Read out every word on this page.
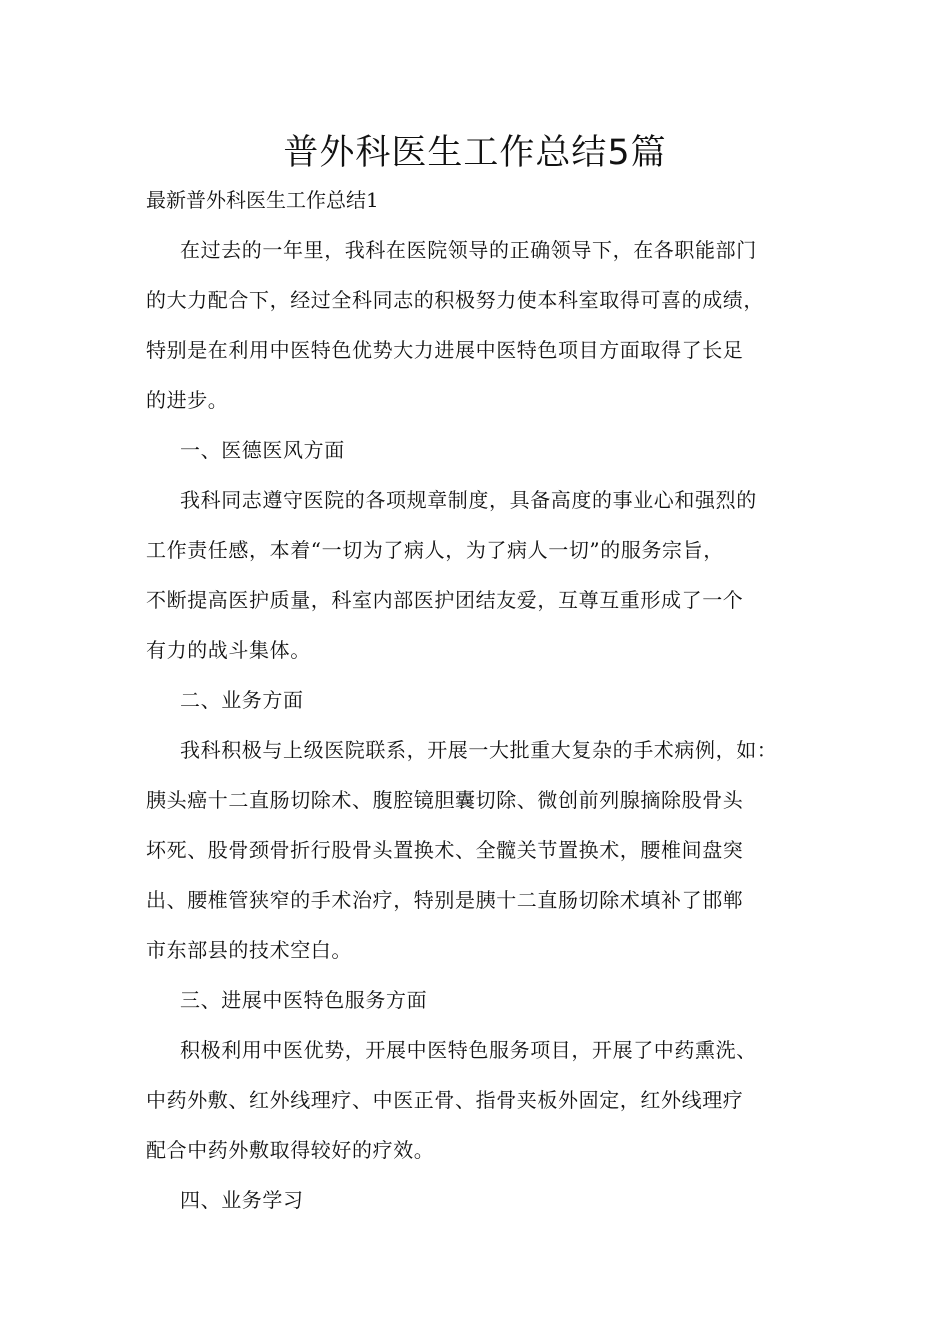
普外科医生工作总结5篇

最新普外科医生工作总结1

在过去的一年里，我科在医院领导的正确领导下，在各职能部门

的大力配合下，经过全科同志的积极努力使本科室取得可喜的成绩，

特别是在利用中医特色优势大力进展中医特色项目方面取得了长足

的进步。

一、医德医风方面

我科同志遵守医院的各项规章制度，具备高度的事业心和强烈的

工作责任感，本着“一切为了病人，为了病人一切”的服务宗旨，

不断提高医护质量，科室内部医护团结友爱，互尊互重形成了一个

有力的战斗集体。

二、业务方面

我科积极与上级医院联系，开展一大批重大复杂的手术病例，如：

胰头癌十二直肠切除术、腹腔镜胆囊切除、微创前列腺摘除股骨头

坏死、股骨颈骨折行股骨头置换术、全髋关节置换术，腰椎间盘突

出、腰椎管狭窄的手术治疗，特别是胰十二直肠切除术填补了邯郸

市东部县的技术空白。

三、进展中医特色服务方面

积极利用中医优势，开展中医特色服务项目，开展了中药熏洗、

中药外敷、红外线理疗、中医正骨、指骨夹板外固定，红外线理疗

配合中药外敷取得较好的疗效。

四、业务学习
